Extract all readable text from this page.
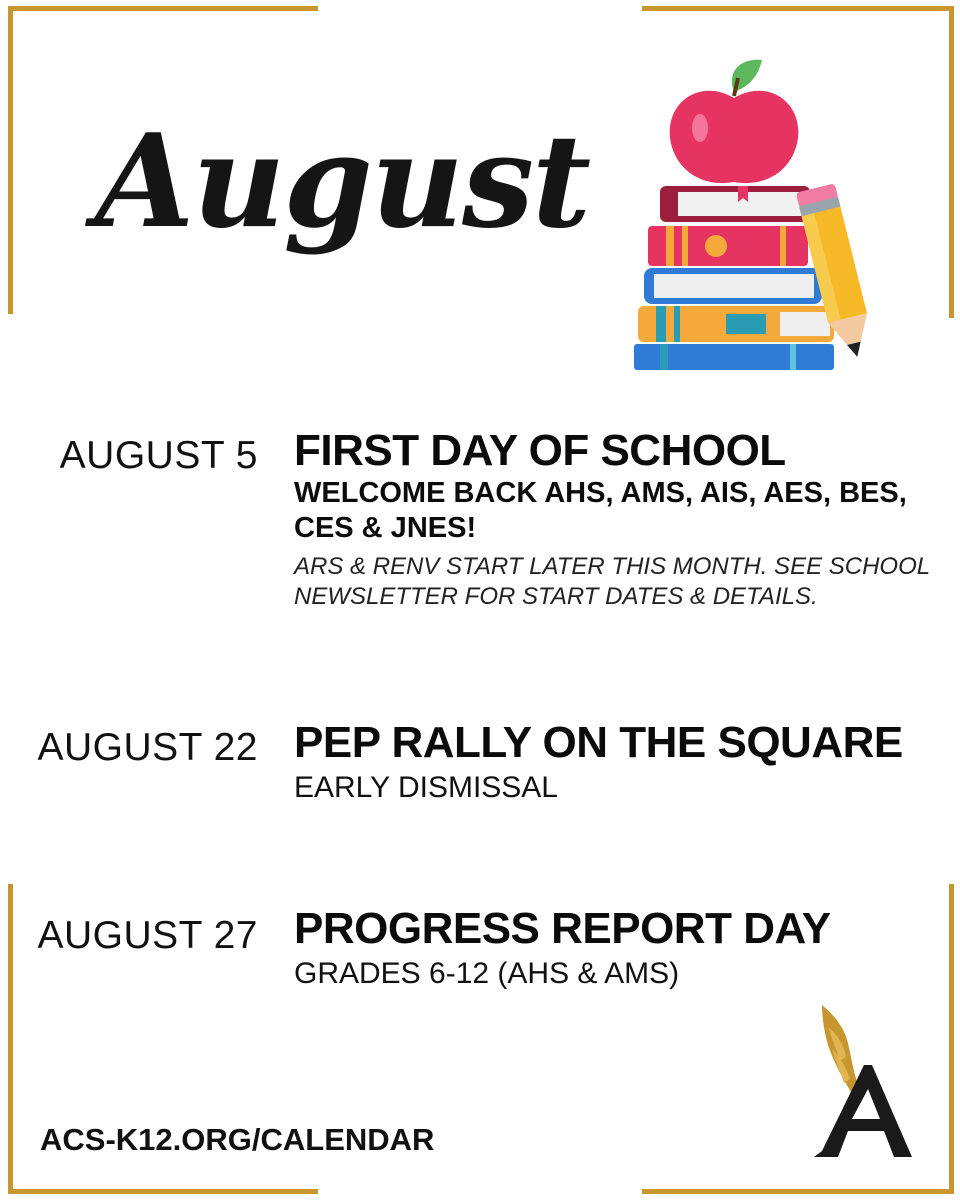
August
AUGUST 5 FIRST DAY OF SCHOOL
WELCOME BACK AHS, AMS, AIS, AES, BES, CES & JNES!
ARS & RENV START LATER THIS MONTH. SEE SCHOOL NEWSLETTER FOR START DATES & DETAILS.
AUGUST 22 PEP RALLY ON THE SQUARE
EARLY DISMISSAL
AUGUST 27 PROGRESS REPORT DAY
GRADES 6-12 (AHS & AMS)
ACS-K12.ORG/CALENDAR
